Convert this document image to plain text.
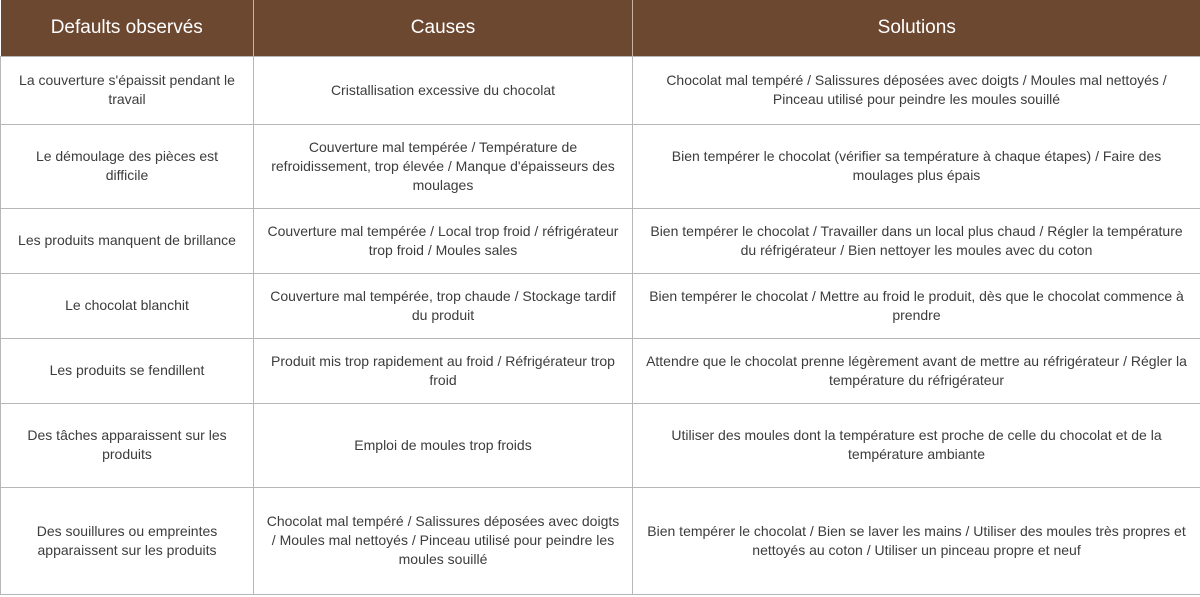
Defaults observés	Causes	Solutions
La couverture s'épaissit pendant le travail	Cristallisation excessive du chocolat	Chocolat mal tempéré / Salissures déposées avec doigts / Moules mal nettoyés / Pinceau utilisé pour peindre les moules souillé
Le démoulage des pièces est difficile	Couverture mal tempérée / Température de refroidissement, trop élevée / Manque d'épaisseurs des moulages	Bien tempérer le chocolat (vérifier sa température à chaque étapes) / Faire des moulages plus épais
Les produits manquent de brillance	Couverture mal tempérée / Local trop froid / réfrigérateur trop froid / Moules sales	Bien tempérer le chocolat / Travailler dans un local plus chaud / Régler la température du réfrigérateur / Bien nettoyer les moules avec du coton
Le chocolat blanchit	Couverture mal tempérée, trop chaude / Stockage tardif du produit	Bien tempérer le chocolat / Mettre au froid le produit, dès que le chocolat commence à prendre
Les produits se fendillent	Produit mis trop rapidement au froid / Réfrigérateur trop froid	Attendre que le chocolat prenne légèrement avant de mettre au réfrigérateur / Régler la température du réfrigérateur
Des tâches apparaissent sur les produits	Emploi de moules trop froids	Utiliser des moules dont la température est proche de celle du chocolat et de la température ambiante
Des souillures ou empreintes apparaissent sur les produits	Chocolat mal tempéré / Salissures déposées avec doigts / Moules mal nettoyés / Pinceau utilisé pour peindre les moules souillé	Bien tempérer le chocolat / Bien se laver les mains / Utiliser des moules très propres et nettoyés au coton / Utiliser un pinceau propre et neuf
